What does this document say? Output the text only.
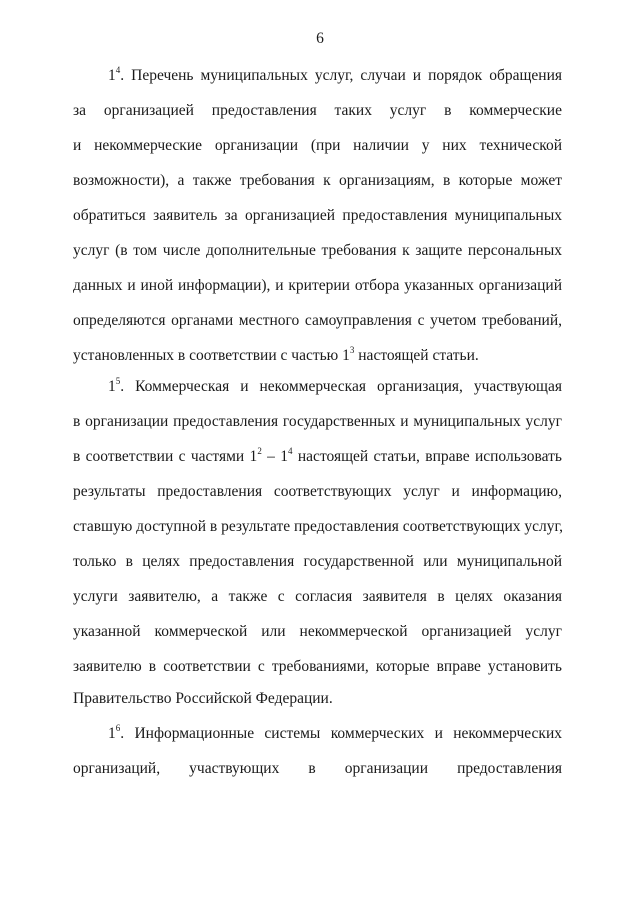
6
$1^4$. Перечень муниципальных услуг, случаи и порядок обращения
за организацией предоставления таких услуг в коммерческие
и некоммерческие организации (при наличии у них технической
возможности), а также требования к организациям, в которые может
обратиться заявитель за организацией предоставления муниципальных
услуг (в том числе дополнительные требования к защите персональных
данных и иной информации), и критерии отбора указанных организаций
определяются органами местного самоуправления с учетом требований,
установленных в соответствии с частью $1^3$ настоящей статьи.
$1^5$. Коммерческая и некоммерческая организация, участвующая
в организации предоставления государственных и муниципальных услуг
в соответствии с частями $1^2 - 1^4$ настоящей статьи, вправе использовать
результаты предоставления соответствующих услуг и информацию,
ставшую доступной в результате предоставления соответствующих услуг,
только в целях предоставления государственной или муниципальной
услуги заявителю, а также с согласия заявителя в целях оказания
указанной коммерческой или некоммерческой организацией услуг
заявителю в соответствии с требованиями, которые вправе установить
Правительство Российской Федерации.
$1^6$. Информационные системы коммерческих и некоммерческих
организаций, участвующих в организации предоставления
